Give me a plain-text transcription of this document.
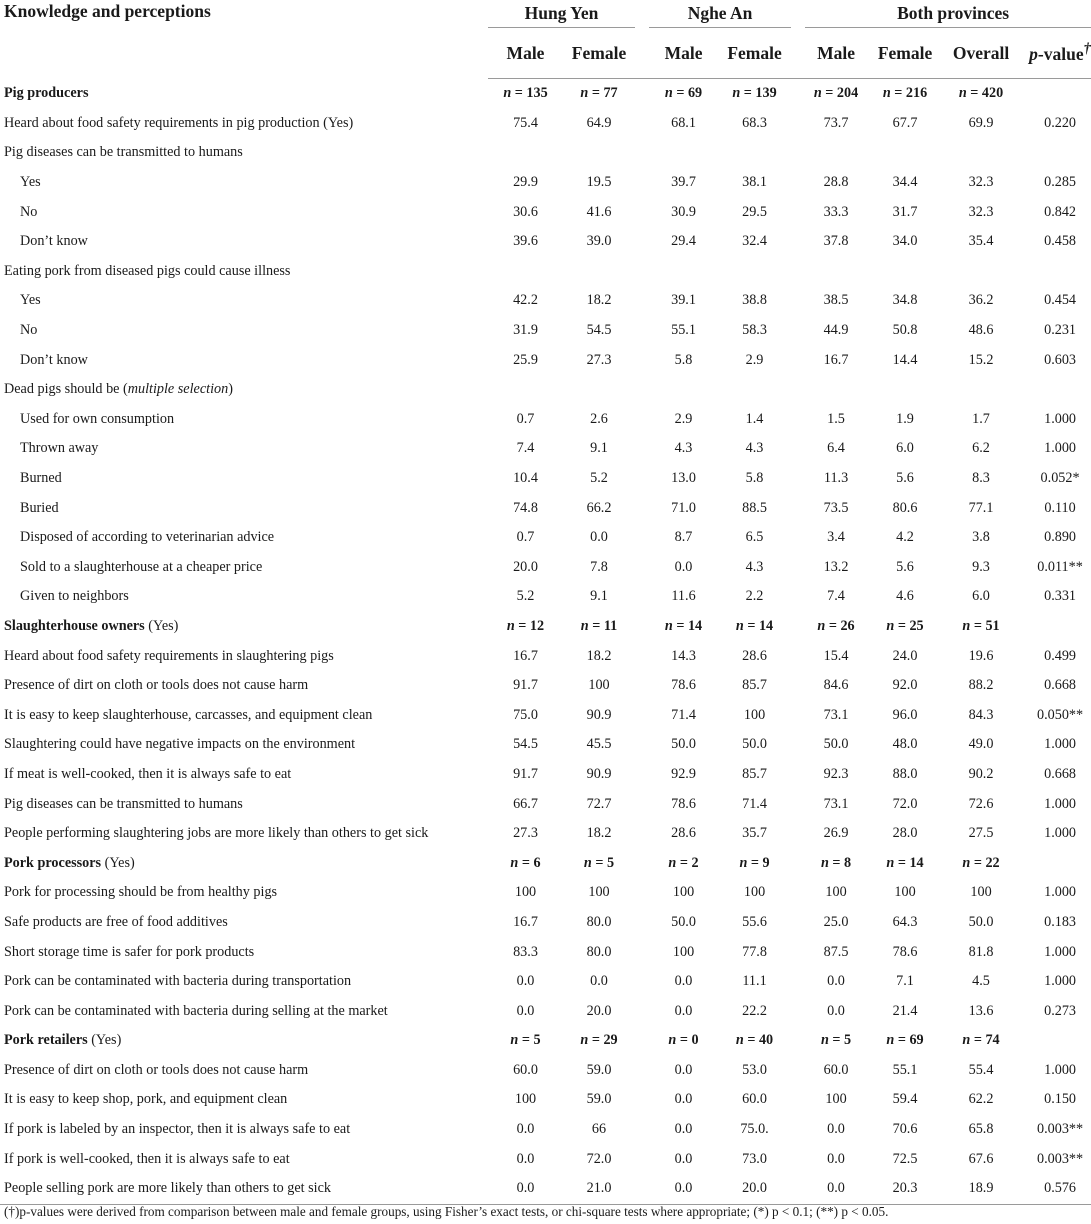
Knowledge and perceptions	Hung Yen			Nghe An			Both provinces			
	Male	Female		Male	Female		Male	Female	Overall	p-value†
Pig producers	n = 135	n = 77		n = 69	n = 139		n = 204	n = 216	n = 420	
Heard about food safety requirements in pig production (Yes)	75.4	64.9		68.1	68.3		73.7	67.7	69.9	0.220
Pig diseases can be transmitted to humans										
Yes	29.9	19.5		39.7	38.1		28.8	34.4	32.3	0.285
No	30.6	41.6		30.9	29.5		33.3	31.7	32.3	0.842
Don’t know	39.6	39.0		29.4	32.4		37.8	34.0	35.4	0.458
Eating pork from diseased pigs could cause illness										
Yes	42.2	18.2		39.1	38.8		38.5	34.8	36.2	0.454
No	31.9	54.5		55.1	58.3		44.9	50.8	48.6	0.231
Don’t know	25.9	27.3		5.8	2.9		16.7	14.4	15.2	0.603
Dead pigs should be (multiple selection)										
Used for own consumption	0.7	2.6		2.9	1.4		1.5	1.9	1.7	1.000
Thrown away	7.4	9.1		4.3	4.3		6.4	6.0	6.2	1.000
Burned	10.4	5.2		13.0	5.8		11.3	5.6	8.3	0.052*
Buried	74.8	66.2		71.0	88.5		73.5	80.6	77.1	0.110
Disposed of according to veterinarian advice	0.7	0.0		8.7	6.5		3.4	4.2	3.8	0.890
Sold to a slaughterhouse at a cheaper price	20.0	7.8		0.0	4.3		13.2	5.6	9.3	0.011**
Given to neighbors	5.2	9.1		11.6	2.2		7.4	4.6	6.0	0.331
Slaughterhouse owners (Yes)	n = 12	n = 11		n = 14	n = 14		n = 26	n = 25	n = 51	
Heard about food safety requirements in slaughtering pigs	16.7	18.2		14.3	28.6		15.4	24.0	19.6	0.499
Presence of dirt on cloth or tools does not cause harm	91.7	100		78.6	85.7		84.6	92.0	88.2	0.668
It is easy to keep slaughterhouse, carcasses, and equipment clean	75.0	90.9		71.4	100		73.1	96.0	84.3	0.050**
Slaughtering could have negative impacts on the environment	54.5	45.5		50.0	50.0		50.0	48.0	49.0	1.000
If meat is well-cooked, then it is always safe to eat	91.7	90.9		92.9	85.7		92.3	88.0	90.2	0.668
Pig diseases can be transmitted to humans	66.7	72.7		78.6	71.4		73.1	72.0	72.6	1.000
People performing slaughtering jobs are more likely than others to get sick	27.3	18.2		28.6	35.7		26.9	28.0	27.5	1.000
Pork processors (Yes)	n = 6	n = 5		n = 2	n = 9		n = 8	n = 14	n = 22	
Pork for processing should be from healthy pigs	100	100		100	100		100	100	100	1.000
Safe products are free of food additives	16.7	80.0		50.0	55.6		25.0	64.3	50.0	0.183
Short storage time is safer for pork products	83.3	80.0		100	77.8		87.5	78.6	81.8	1.000
Pork can be contaminated with bacteria during transportation	0.0	0.0		0.0	11.1		0.0	7.1	4.5	1.000
Pork can be contaminated with bacteria during selling at the market	0.0	20.0		0.0	22.2		0.0	21.4	13.6	0.273
Pork retailers (Yes)	n = 5	n = 29		n = 0	n = 40		n = 5	n = 69	n = 74	
Presence of dirt on cloth or tools does not cause harm	60.0	59.0		0.0	53.0		60.0	55.1	55.4	1.000
It is easy to keep shop, pork, and equipment clean	100	59.0		0.0	60.0		100	59.4	62.2	0.150
If pork is labeled by an inspector, then it is always safe to eat	0.0	66		0.0	75.0.		0.0	70.6	65.8	0.003**
If pork is well-cooked, then it is always safe to eat	0.0	72.0		0.0	73.0		0.0	72.5	67.6	0.003**
People selling pork are more likely than others to get sick	0.0	21.0		0.0	20.0		0.0	20.3	18.9	0.576
(†)p-values were derived from comparison between male and female groups, using Fisher’s exact tests, or chi-square tests where appropriate; (*) p < 0.1; (**) p < 0.05.
